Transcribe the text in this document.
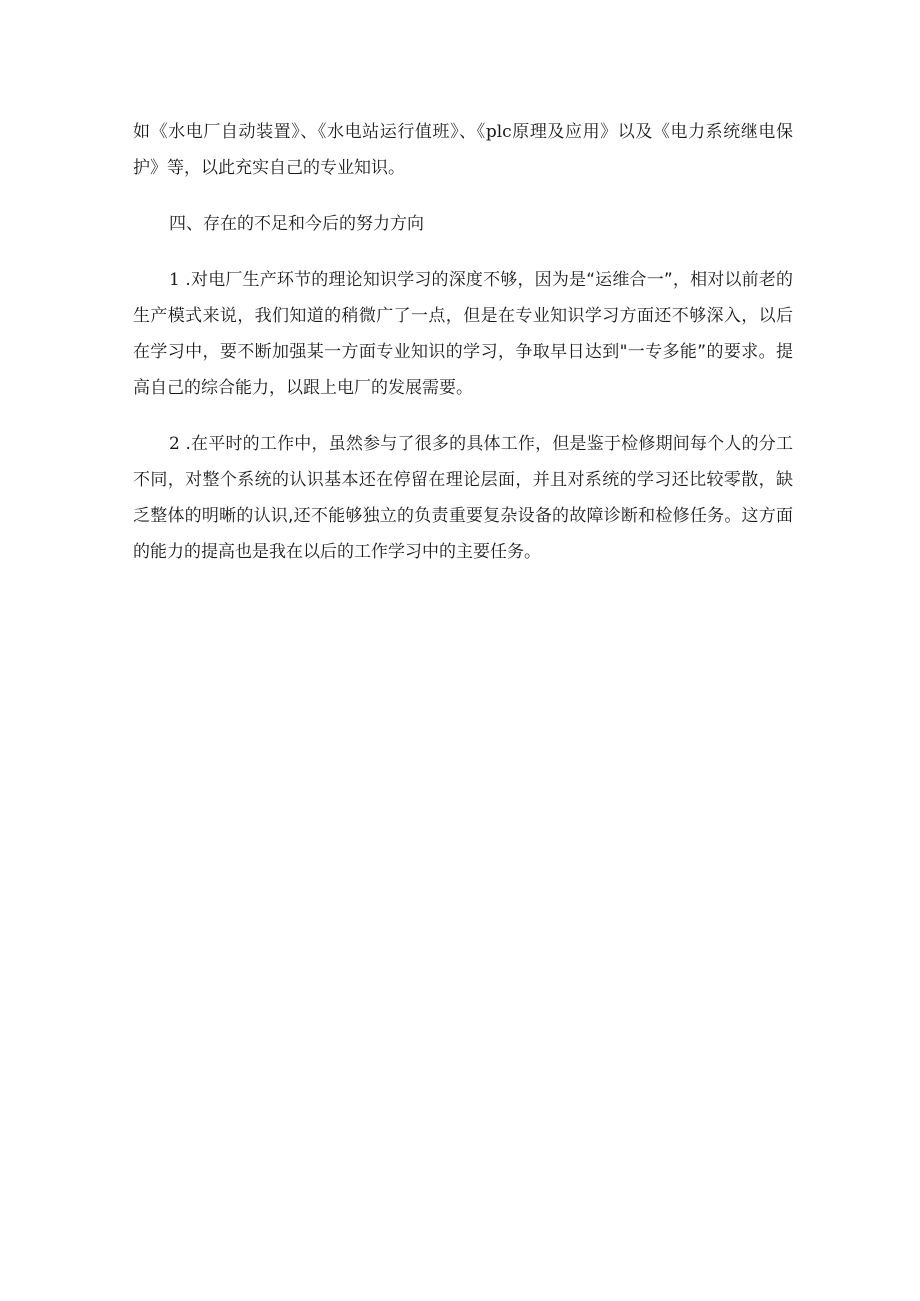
如《水电厂自动装置》、《水电站运行值班》、《plc原理及应用》以及《电力系统继电保护》等，以此充实自己的专业知识。

四、存在的不足和今后的努力方向

1 .对电厂生产环节的理论知识学习的深度不够，因为是“运维合一”，相对以前老的生产模式来说，我们知道的稍微广了一点，但是在专业知识学习方面还不够深入，以后在学习中，要不断加强某一方面专业知识的学习，争取早日达到"一专多能”的要求。提高自己的综合能力，以跟上电厂的发展需要。

2 .在平时的工作中，虽然参与了很多的具体工作，但是鉴于检修期间每个人的分工不同，对整个系统的认识基本还在停留在理论层面，并且对系统的学习还比较零散，缺乏整体的明晰的认识,还不能够独立的负责重要复杂设备的故障诊断和检修任务。这方面的能力的提高也是我在以后的工作学习中的主要任务。
